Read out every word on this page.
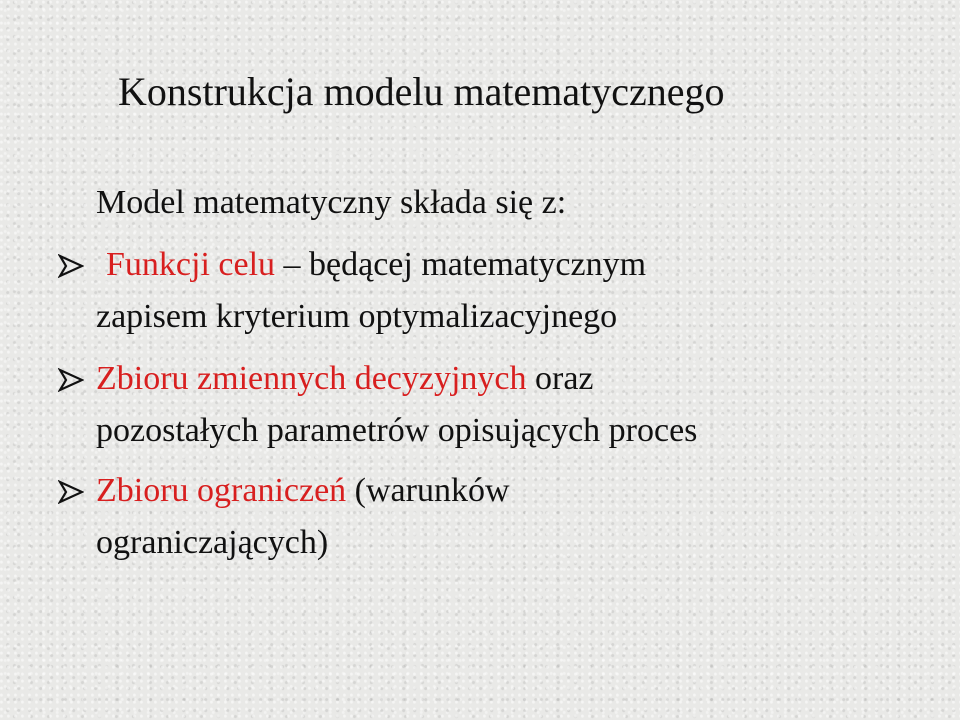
Konstrukcja modelu matematycznego
Model matematyczny składa się z:
Funkcji celu – będącej matematycznym
zapisem kryterium optymalizacyjnego
Zbioru zmiennych decyzyjnych oraz
pozostałych parametrów opisujących proces
Zbioru ograniczeń (warunków
ograniczających)
